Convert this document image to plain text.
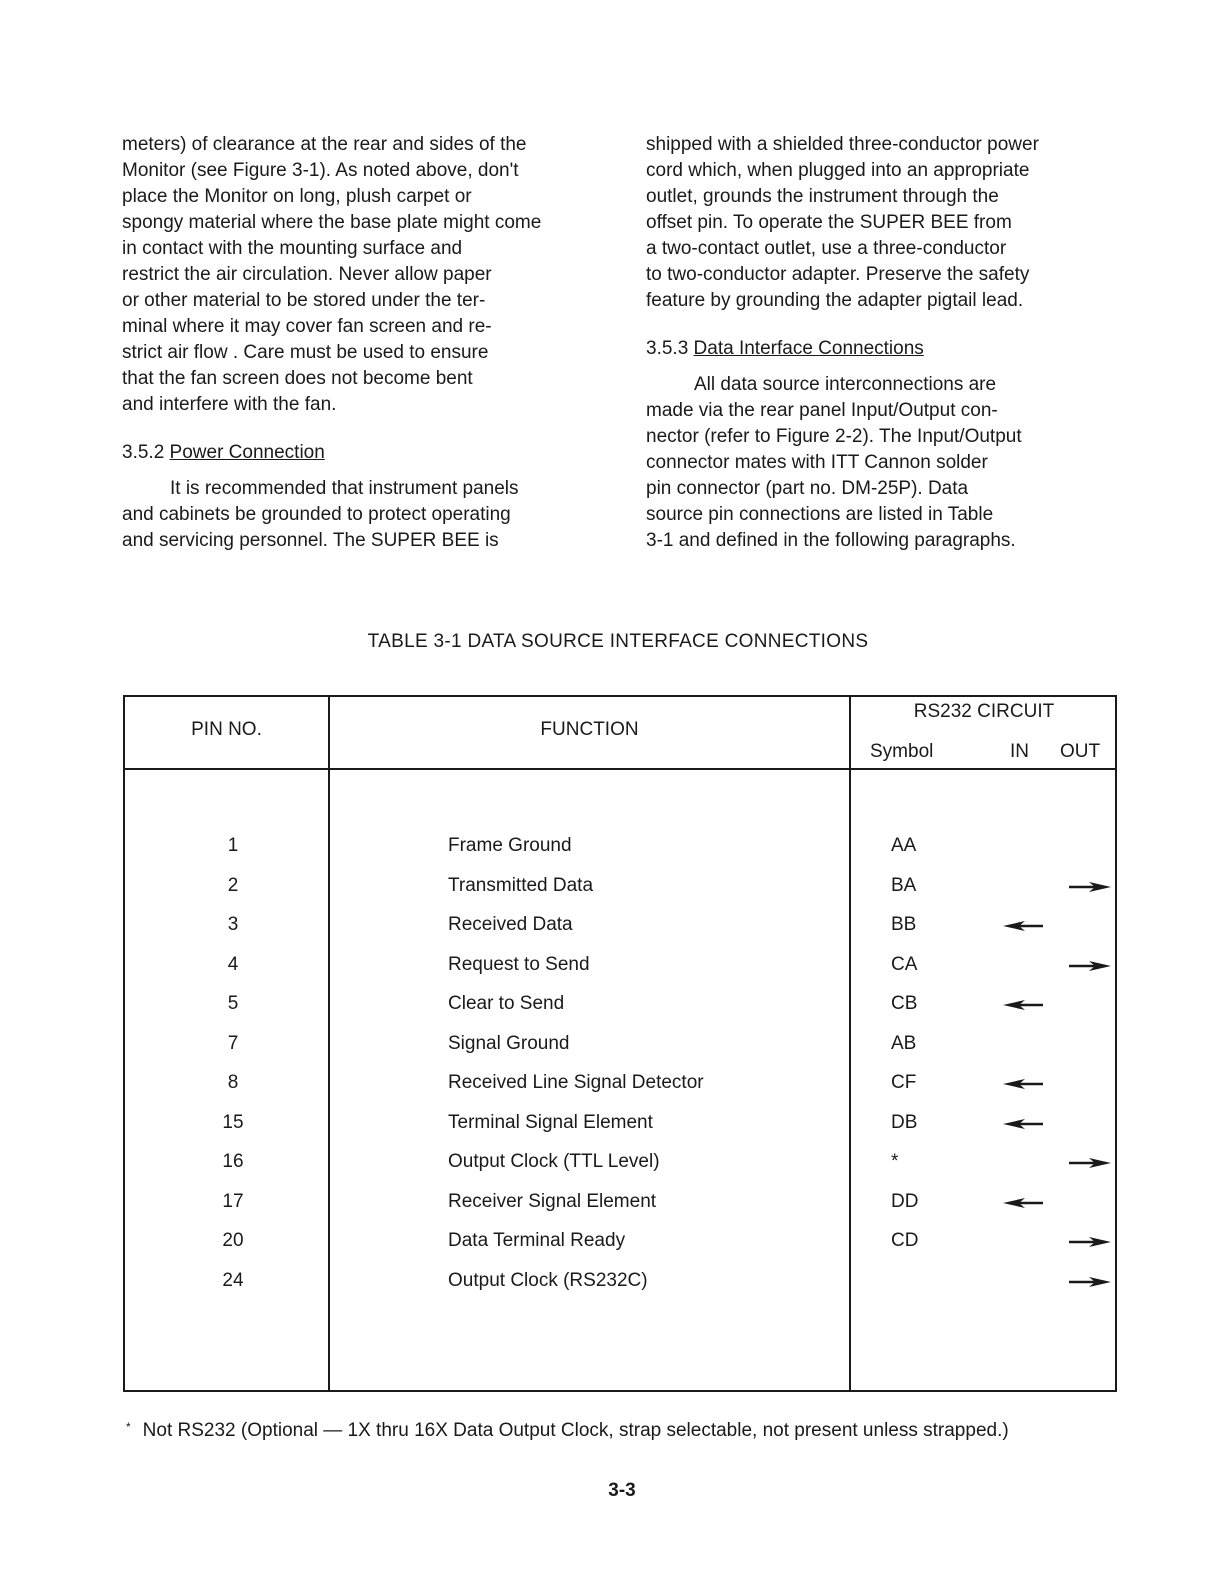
meters) of clearance at the rear and sides of the
Monitor (see Figure 3-1). As noted above, don't
place the Monitor on long, plush carpet or
spongy material where the base plate might come
in contact with the mounting surface and
restrict the air circulation. Never allow paper
or other material to be stored under the ter-
minal where it may cover fan screen and re-
strict air flow . Care must be used to ensure
that the fan screen does not become bent
and interfere with the fan.

3.5.2 Power Connection

It is recommended that instrument panels
and cabinets be grounded to protect operating
and servicing personnel. The SUPER BEE is

shipped with a shielded three-conductor power
cord which, when plugged into an appropriate
outlet, grounds the instrument through the
offset pin. To operate the SUPER BEE from
a two-contact outlet, use a three-conductor
to two-conductor adapter. Preserve the safety
feature by grounding the adapter pigtail lead.

3.5.3 Data Interface Connections

All data source interconnections are
made via the rear panel Input/Output con-
nector (refer to Figure 2-2). The Input/Output
connector mates with ITT Cannon solder
pin connector (part no. DM-25P). Data
source pin connections are listed in Table
3-1 and defined in the following paragraphs.

TABLE 3-1 DATA SOURCE INTERFACE CONNECTIONS
PIN NO.	FUNCTION
RS232 CIRCUIT
Symbol	IN OUT
1	Frame Ground	AA
2	Transmitted Data	BA
3	Received Data	BB
4	Request to Send	CA
5	Clear to Send	CB
7	Signal Ground	AB
8	Received Line Signal Detector	CF
15	Terminal Signal Element	DB
16	Output Clock (TTL Level)	*
17	Receiver Signal Element	DD
20	Data Terminal Ready	CD
24	Output Clock (RS232C)
* Not RS232 (Optional — 1X thru 16X Data Output Clock, strap selectable, not present unless strapped.)
3-3
